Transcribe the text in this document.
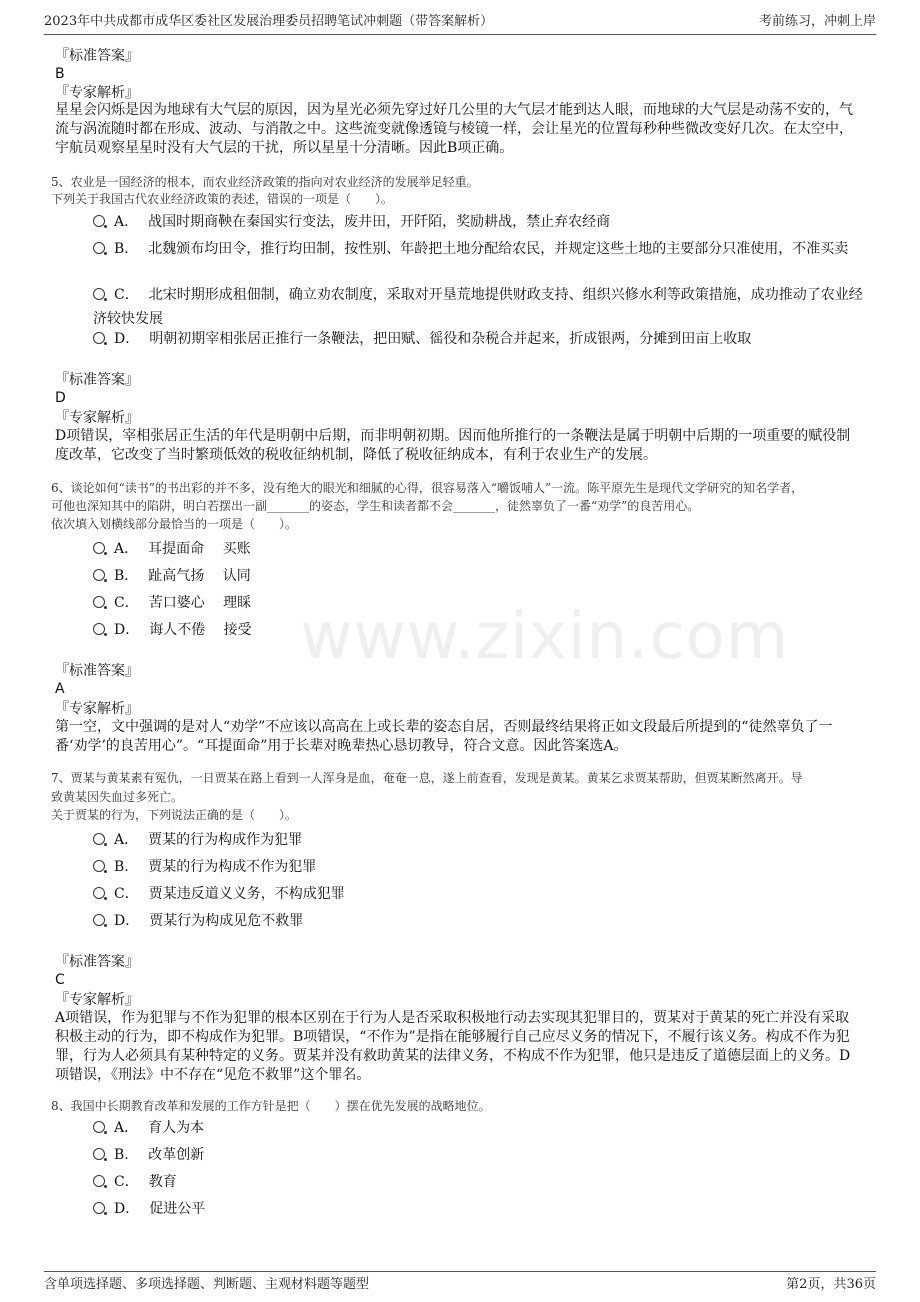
2023年中共成都市成华区委社区发展治理委员招聘笔试冲刺题（带答案解析）	考前练习，冲刺上岸
www.zixin.com
『标准答案』
B
『专家解析』
星星会闪烁是因为地球有大气层的原因，因为星光必须先穿过好几公里的大气层才能到达人眼，而地球的大气层是动荡不安的，气流与涡流随时都在形成、波动、与消散之中。这些流变就像透镜与棱镜一样，会让星光的位置每秒种些微改变好几次。在太空中，宇航员观察星星时没有大气层的干扰，所以星星十分清晰。因此B项正确。
5、农业是一国经济的根本，而农业经济政策的指向对农业经济的发展举足轻重。
下列关于我国古代农业经济政策的表述，错误的一项是（　　）。
A． 战国时期商鞅在秦国实行变法，废井田，开阡陌，奖励耕战，禁止弃农经商
B． 北魏颁布均田令，推行均田制，按性别、年龄把土地分配给农民，并规定这些土地的主要部分只准使用，不准买卖
C． 北宋时期形成租佃制，确立劝农制度，采取对开垦荒地提供财政支持、组织兴修水利等政策措施，成功推动了农业经济较快发展
D． 明朝初期宰相张居正推行一条鞭法，把田赋、徭役和杂税合并起来，折成银两，分摊到田亩上收取
『标准答案』
D
『专家解析』
D项错误，宰相张居正生活的年代是明朝中后期，而非明朝初期。因而他所推行的一条鞭法是属于明朝中后期的一项重要的赋役制度改革，它改变了当时繁琐低效的税收征纳机制，降低了税收征纳成本，有利于农业生产的发展。
6、谈论如何“读书”的书出彩的并不多，没有绝大的眼光和细腻的心得，很容易落入“嚼饭哺人”一流。陈平原先生是现代文学研究的知名学者，
可他也深知其中的陷阱，明白若摆出一副_______的姿态，学生和读者都不会_______，徒然辜负了一番“劝学”的良苦用心。
依次填入划横线部分最恰当的一项是（　　）。
A． 耳提面命　 买账
B． 趾高气扬　 认同
C． 苦口婆心　 理睬
D． 诲人不倦　 接受
『标准答案』
A
『专家解析』
第一空，文中强调的是对人“劝学”不应该以高高在上或长辈的姿态自居，否则最终结果将正如文段最后所提到的“徒然辜负了一番‘劝学’的良苦用心”。“耳提面命”用于长辈对晚辈热心恳切教导，符合文意。因此答案选A。
7、贾某与黄某素有冤仇，一日贾某在路上看到一人浑身是血，奄奄一息，遂上前查看，发现是黄某。黄某乞求贾某帮助，但贾某断然离开。导
致黄某因失血过多死亡。
关于贾某的行为，下列说法正确的是（　　）。
A． 贾某的行为构成作为犯罪
B． 贾某的行为构成不作为犯罪
C． 贾某违反道义义务，不构成犯罪
D． 贾某行为构成见危不救罪
『标准答案』
C
『专家解析』
A项错误，作为犯罪与不作为犯罪的根本区别在于行为人是否采取积极地行动去实现其犯罪目的，贾某对于黄某的死亡并没有采取积极主动的行为，即不构成作为犯罪。B项错误，“不作为”是指在能够履行自己应尽义务的情况下，不履行该义务。构成不作为犯罪，行为人必须具有某种特定的义务。贾某并没有救助黄某的法律义务，不构成不作为犯罪，他只是违反了道德层面上的义务。D项错误，《刑法》中不存在“见危不救罪”这个罪名。
8、我国中长期教育改革和发展的工作方针是把（　　）摆在优先发展的战略地位。
A． 育人为本
B． 改革创新
C． 教育
D． 促进公平
含单项选择题、多项选择题、判断题、主观材料题等题型	第2页，共36页
